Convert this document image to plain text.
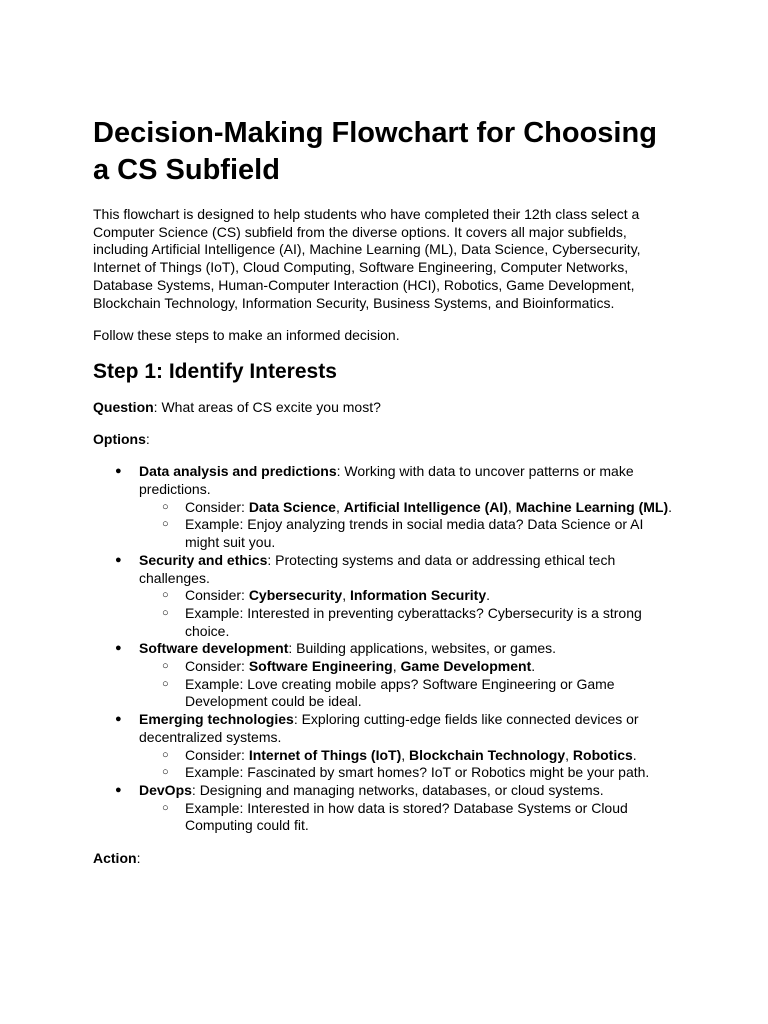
Decision-Making Flowchart for Choosing a CS Subfield

This flowchart is designed to help students who have completed their 12th class select a Computer Science (CS) subfield from the diverse options. It covers all major subfields, including Artificial Intelligence (AI), Machine Learning (ML), Data Science, Cybersecurity, Internet of Things (IoT), Cloud Computing, Software Engineering, Computer Networks, Database Systems, Human-Computer Interaction (HCI), Robotics, Game Development, Blockchain Technology, Information Security, Business Systems, and Bioinformatics.

Follow these steps to make an informed decision.

Step 1: Identify Interests

Question: What areas of CS excite you most?

Options:

● Data analysis and predictions: Working with data to uncover patterns or make predictions.
○ Consider: Data Science, Artificial Intelligence (AI), Machine Learning (ML).
○ Example: Enjoy analyzing trends in social media data? Data Science or AI might suit you.
● Security and ethics: Protecting systems and data or addressing ethical tech challenges.
○ Consider: Cybersecurity, Information Security.
○ Example: Interested in preventing cyberattacks? Cybersecurity is a strong choice.
● Software development: Building applications, websites, or games.
○ Consider: Software Engineering, Game Development.
○ Example: Love creating mobile apps? Software Engineering or Game Development could be ideal.
● Emerging technologies: Exploring cutting-edge fields like connected devices or decentralized systems.
○ Consider: Internet of Things (IoT), Blockchain Technology, Robotics.
○ Example: Fascinated by smart homes? IoT or Robotics might be your path.
● DevOps: Designing and managing networks, databases, or cloud systems.
○ Example: Interested in how data is stored? Database Systems or Cloud Computing could fit.

Action:
